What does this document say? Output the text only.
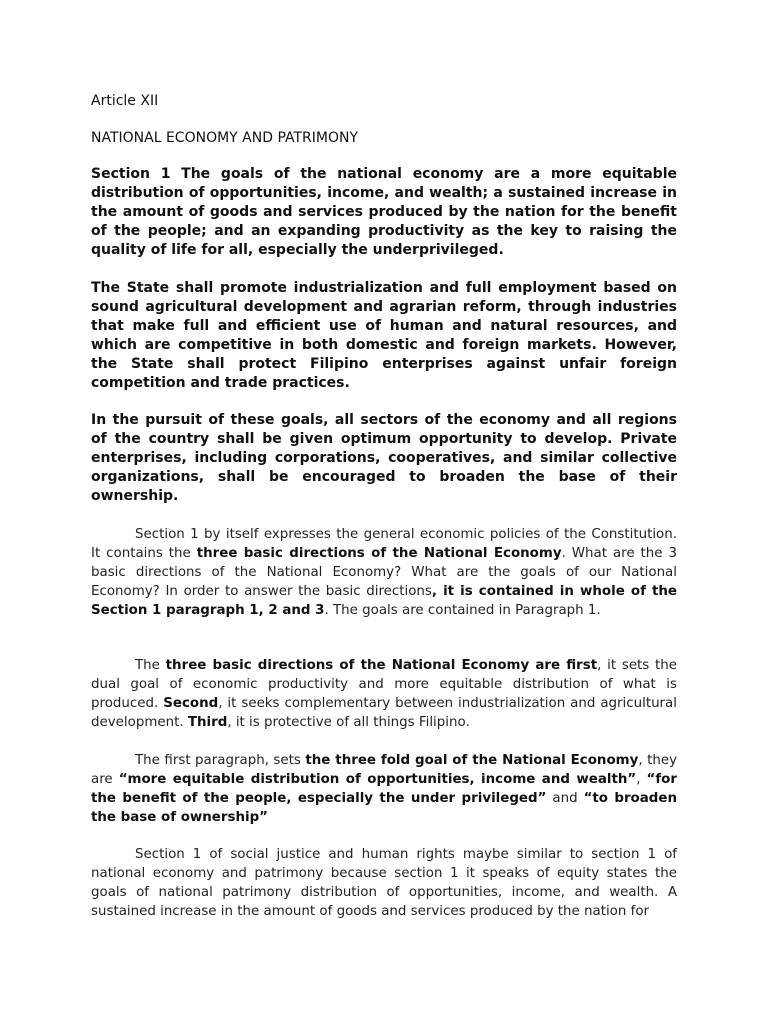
Article XII

NATIONAL ECONOMY AND PATRIMONY

Section 1 The goals of the national economy are a more equitable distribution of opportunities, income, and wealth; a sustained increase in the amount of goods and services produced by the nation for the benefit of the people; and an expanding productivity as the key to raising the quality of life for all, especially the underprivileged.

The State shall promote industrialization and full employment based on sound agricultural development and agrarian reform, through industries that make full and efficient use of human and natural resources, and which are competitive in both domestic and foreign markets. However, the State shall protect Filipino enterprises against unfair foreign competition and trade practices.

In the pursuit of these goals, all sectors of the economy and all regions of the country shall be given optimum opportunity to develop. Private enterprises, including corporations, cooperatives, and similar collective organizations, shall be encouraged to broaden the base of their ownership.

Section 1 by itself expresses the general economic policies of the Constitution. It contains the three basic directions of the National Economy. What are the 3 basic directions of the National Economy? What are the goals of our National Economy? In order to answer the basic directions, it is contained in whole of the Section 1 paragraph 1, 2 and 3. The goals are contained in Paragraph 1.

The three basic directions of the National Economy are first, it sets the dual goal of economic productivity and more equitable distribution of what is produced. Second, it seeks complementary between industrialization and agricultural development. Third, it is protective of all things Filipino.

The first paragraph, sets the three fold goal of the National Economy, they are “more equitable distribution of opportunities, income and wealth”, “for the benefit of the people, especially the under privileged” and “to broaden the base of ownership”

Section 1 of social justice and human rights maybe similar to section 1 of national economy and patrimony because section 1 it speaks of equity states the goals of national patrimony distribution of opportunities, income, and wealth. A sustained increase in the amount of goods and services produced by the nation for
